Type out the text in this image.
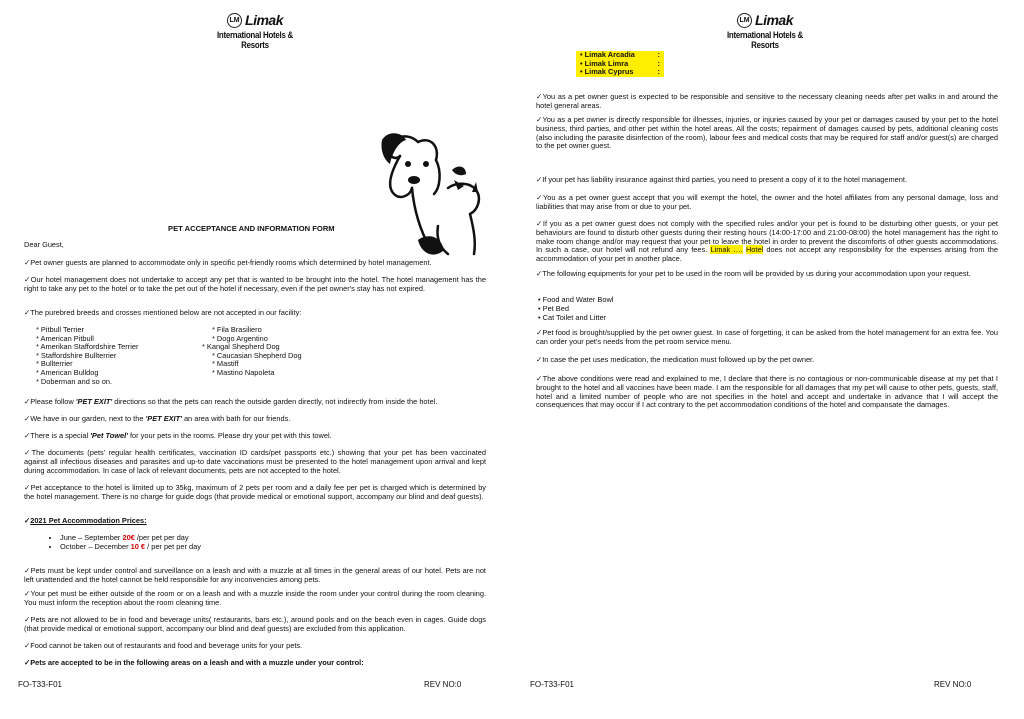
LM Limak
International Hotels & Resorts
PET ACCEPTANCE AND INFORMATION FORM

Dear Guest,

✓Pet owner guests are planned to accommodate only in specific pet-friendly rooms which determined by hotel management.

✓Our hotel management does not undertake to accept any pet that is wanted to be brought into the hotel. The hotel management has the right to take any pet to the hotel or to take the pet out of the hotel if necessary, even if the pet owner's stay has not expired.

✓The purebred breeds and crosses mentioned below are not accepted in our facility:

* Pitbull Terrier
* American Pitbull
* Amerikan Staffordshire Terrier
* Staffordshire Bullterrier
* Bullterrier
* American Bulldog
* Doberman and so on.
* Fila Brasiliero
* Dogo Argentino
* Kangal Shepherd Dog
* Caucasian Shepherd Dog
* Mastiff
* Mastino Napoleta

✓Please follow 'PET EXIT' directions so that the pets can reach the outside garden directly, not indirectly from inside the hotel.

✓We have in our garden, next to the 'PET EXIT' an area with bath for our friends.

✓There is a special 'Pet Towel' for your pets in the rooms. Please dry your pet with this towel.

✓The documents (pets' regular health certificates, vaccination ID cards/pet passports etc.) showing that your pet has been vaccinated against all infectious diseases and parasites and up-to date vaccinations must be presented to the hotel management upon arrival and kept during accommodation. In case of lack of relevant documents, pets are not accepted to the hotel.

✓Pet acceptance to the hotel is limited up to 35kg, maximum of 2 pets per room and a daily fee per pet is charged which is determined by the hotel management. There is no charge for guide dogs (that provide medical or emotional support, accompany our blind and deaf guests).

✓2021 Pet Accommodation Prices:
• June – September 20€ /per pet per day
• October – December 10 € / per pet per day

✓Pets must be kept under control and surveillance on a leash and with a muzzle at all times in the general areas of our hotel. Pets are not left unattended and the hotel cannot be held responsible for any inconvencies among pets.

✓Your pet must be either outside of the room or on a leash and with a muzzle inside the room under your control during the room cleaning. You must inform the reception about the room cleaning time.

✓Pets are not allowed to be in food and beverage units( restaurants, bars etc.), around pools and on the beach even in cages. Guide dogs (that provide medical or emotional support, accompany our blind and deaf guests) are excluded from this application.

✓Food cannot be taken out of restaurants and food and beverage units for your pets.

✓Pets are accepted to be in the following areas on a leash and with a muzzle under your control:

FO-T33-F01	REV NO:0
LM Limak
International Hotels & Resorts
• Limak Arcadia	:
• Limak Limra	:
• Limak Cyprus	:

✓You as a pet owner guest is expected to be responsible and sensitive to the necessary cleaning needs after pet walks in and around the hotel general areas.

✓You as a pet owner is directly responsible for illnesses, injuries, or injuries caused by your pet or damages caused by your pet to the hotel business, third parties, and other pet within the hotel areas. All the costs; repairment of damages caused by pets, additional cleaning costs (also including the parasite disinfection of the room), labour fees and medical costs that may be required for staff and/or guest(s) are charged to the pet owner guest.

✓If your pet has liability insurance against third parties, you need to present a copy of it to the hotel management.

✓You as a pet owner guest accept that you will exempt the hotel, the owner and the hotel affiliates from any personal damage, loss and liabilities that may arise from or due to your pet.

✓If you as a pet owner guest does not comply with the specified rules and/or your pet is found to be disturbing other guests, or your pet behaviours are found to disturb other guests during their resting hours (14:00-17:00 and 21:00-08:00) the hotel management has the right to make room change and/or may request that your pet to leave the hotel in order to prevent the discomforts of other guests accommodations. In such a case, our hotel will not refund any fees. Limak …. Hotel does not accept any responsibility for the expenses arising from the accommodation of your pet in another place.

✓The following equipments for your pet to be used in the room will be provided by us during your accommodation upon your request.

• Food and Water Bowl
• Pet Bed
• Cat Toilet and Litter

✓Pet food is brought/supplied by the pet owner guest. In case of forgetting, it can be asked from the hotel management for an extra fee. You can order your pet's needs from the pet room service menu.

✓In case the pet uses medication, the medication must followed up by the pet owner.

✓The above conditions were read and explained to me, I declare that there is no contagious or non-communicable disease at my pet that I brought to the hotel and all vaccines have been made. I am the responsible for all damages that my pet will cause to other pets, guests, staff, hotel and a limited number of people who are not specifies in the hotel and accept and undertake in advance that I will accept the consequences that may occur if I act contrary to the pet accommodation conditions of the hotel and compansate the damages.

FO-T33-F01	REV NO:0
